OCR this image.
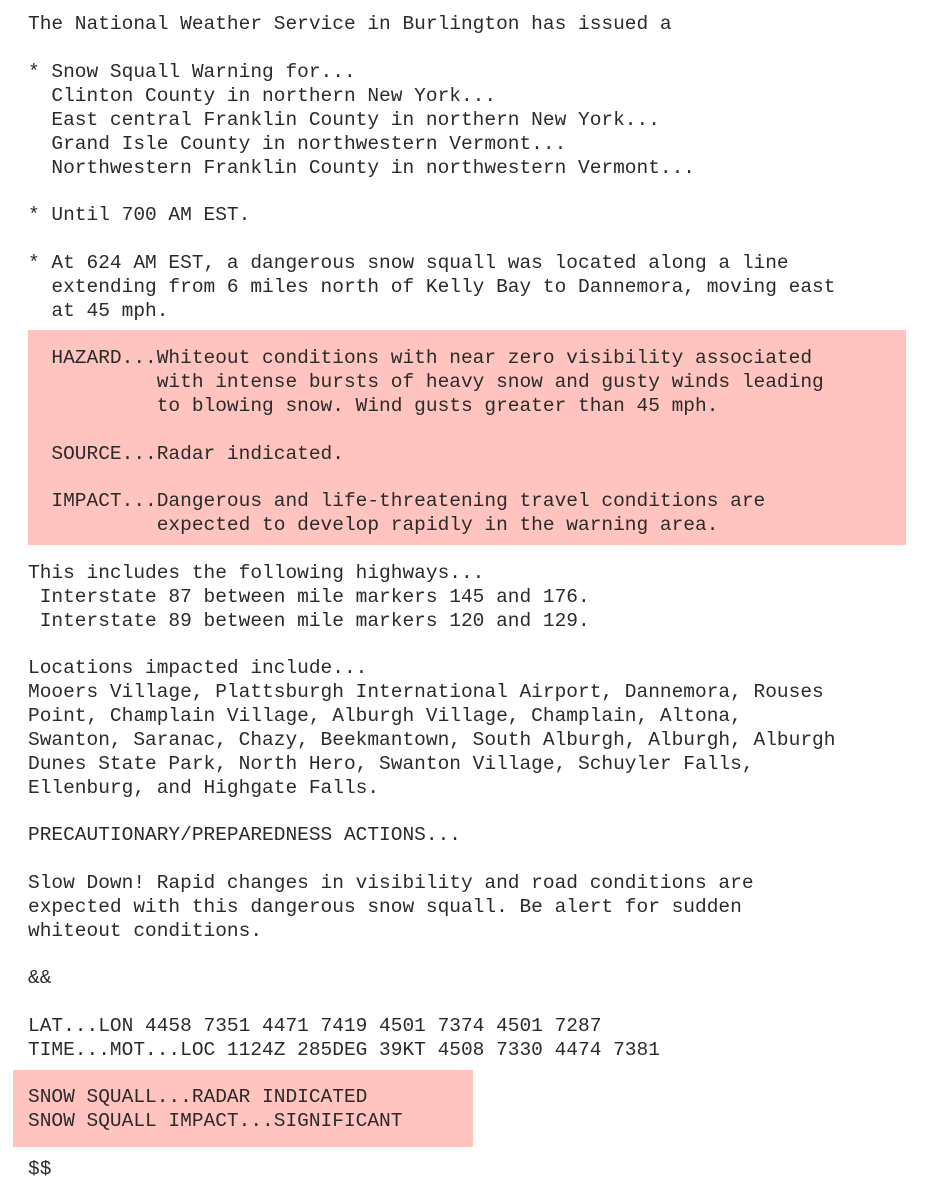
The National Weather Service in Burlington has issued a
* Snow Squall Warning for...
Clinton County in northern New York...
East central Franklin County in northern New York...
Grand Isle County in northwestern Vermont...
Northwestern Franklin County in northwestern Vermont...
* Until 700 AM EST.
* At 624 AM EST, a dangerous snow squall was located along a line
extending from 6 miles north of Kelly Bay to Dannemora, moving east
at 45 mph.
HAZARD...Whiteout conditions with near zero visibility associated
with intense bursts of heavy snow and gusty winds leading
to blowing snow. Wind gusts greater than 45 mph.
SOURCE...Radar indicated.
IMPACT...Dangerous and life-threatening travel conditions are
expected to develop rapidly in the warning area.
This includes the following highways...
Interstate 87 between mile markers 145 and 176.
Interstate 89 between mile markers 120 and 129.
Locations impacted include...
Mooers Village, Plattsburgh International Airport, Dannemora, Rouses
Point, Champlain Village, Alburgh Village, Champlain, Altona,
Swanton, Saranac, Chazy, Beekmantown, South Alburgh, Alburgh, Alburgh
Dunes State Park, North Hero, Swanton Village, Schuyler Falls,
Ellenburg, and Highgate Falls.
PRECAUTIONARY/PREPAREDNESS ACTIONS...
Slow Down! Rapid changes in visibility and road conditions are
expected with this dangerous snow squall. Be alert for sudden
whiteout conditions.
&&
LAT...LON 4458 7351 4471 7419 4501 7374 4501 7287
TIME...MOT...LOC 1124Z 285DEG 39KT 4508 7330 4474 7381
SNOW SQUALL...RADAR INDICATED
SNOW SQUALL IMPACT...SIGNIFICANT
$$
